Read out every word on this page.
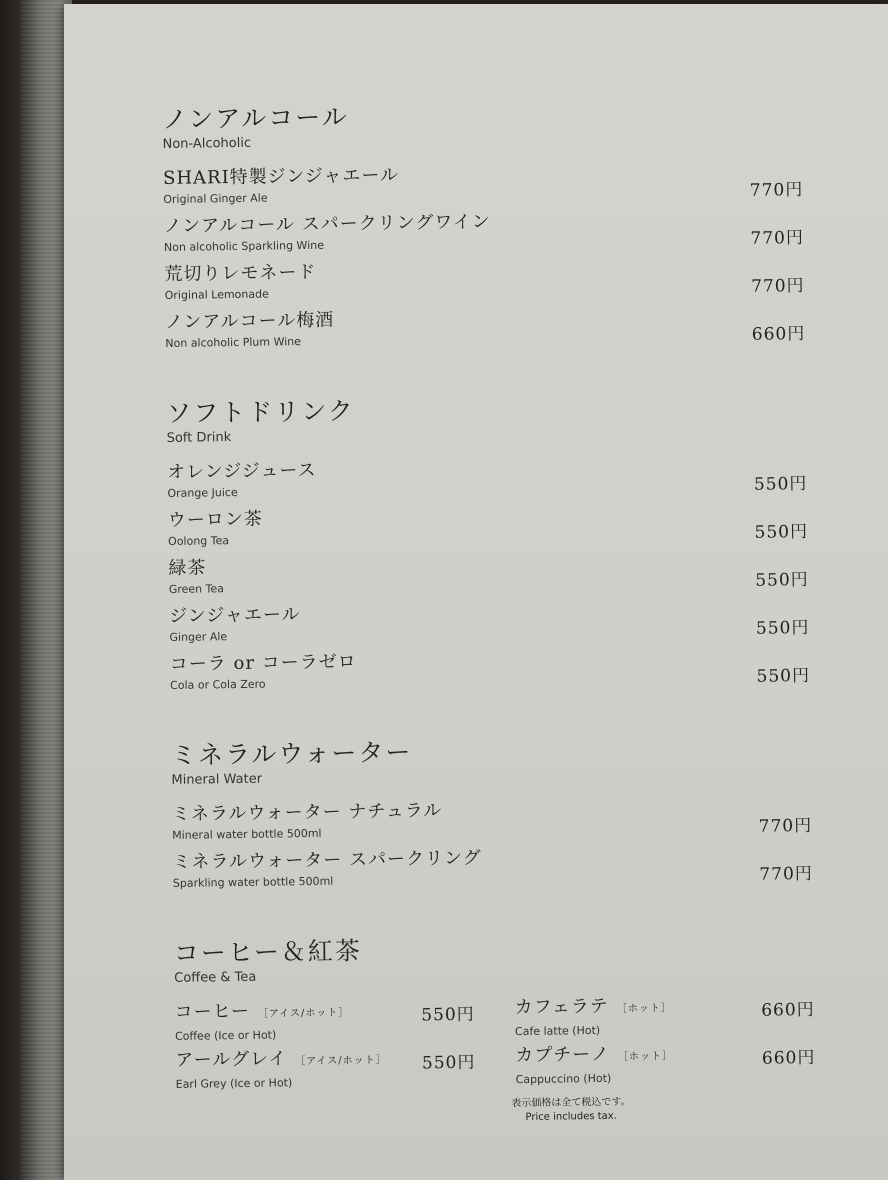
ノンアルコール
Non-Alcoholic
SHARI特製ジンジャエール
Original Ginger Ale	770円
ノンアルコール スパークリングワイン
Non alcoholic Sparkling Wine	770円
荒切りレモネード
Original Lemonade	770円
ノンアルコール梅酒
Non alcoholic Plum Wine	660円
ソフトドリンク
Soft Drink
オレンジジュース
Orange Juice	550円
ウーロン茶
Oolong Tea	550円
緑茶
Green Tea	550円
ジンジャエール
Ginger Ale	550円
コーラ or コーラゼロ
Cola or Cola Zero	550円
ミネラルウォーター
Mineral Water
ミネラルウォーター ナチュラル
Mineral water bottle 500ml	770円
ミネラルウォーター スパークリング
Sparkling water bottle 500ml	770円
コーヒー＆紅茶
Coffee & Tea
コーヒー ［アイス/ホット］
Coffee (Ice or Hot)
550円
アールグレイ ［アイス/ホット］
Earl Grey (Ice or Hot)
550円
カフェラテ ［ホット］
Cafe latte (Hot)
660円
カプチーノ ［ホット］
Cappuccino (Hot)
660円
表示価格は全て税込です。
Price includes tax.
